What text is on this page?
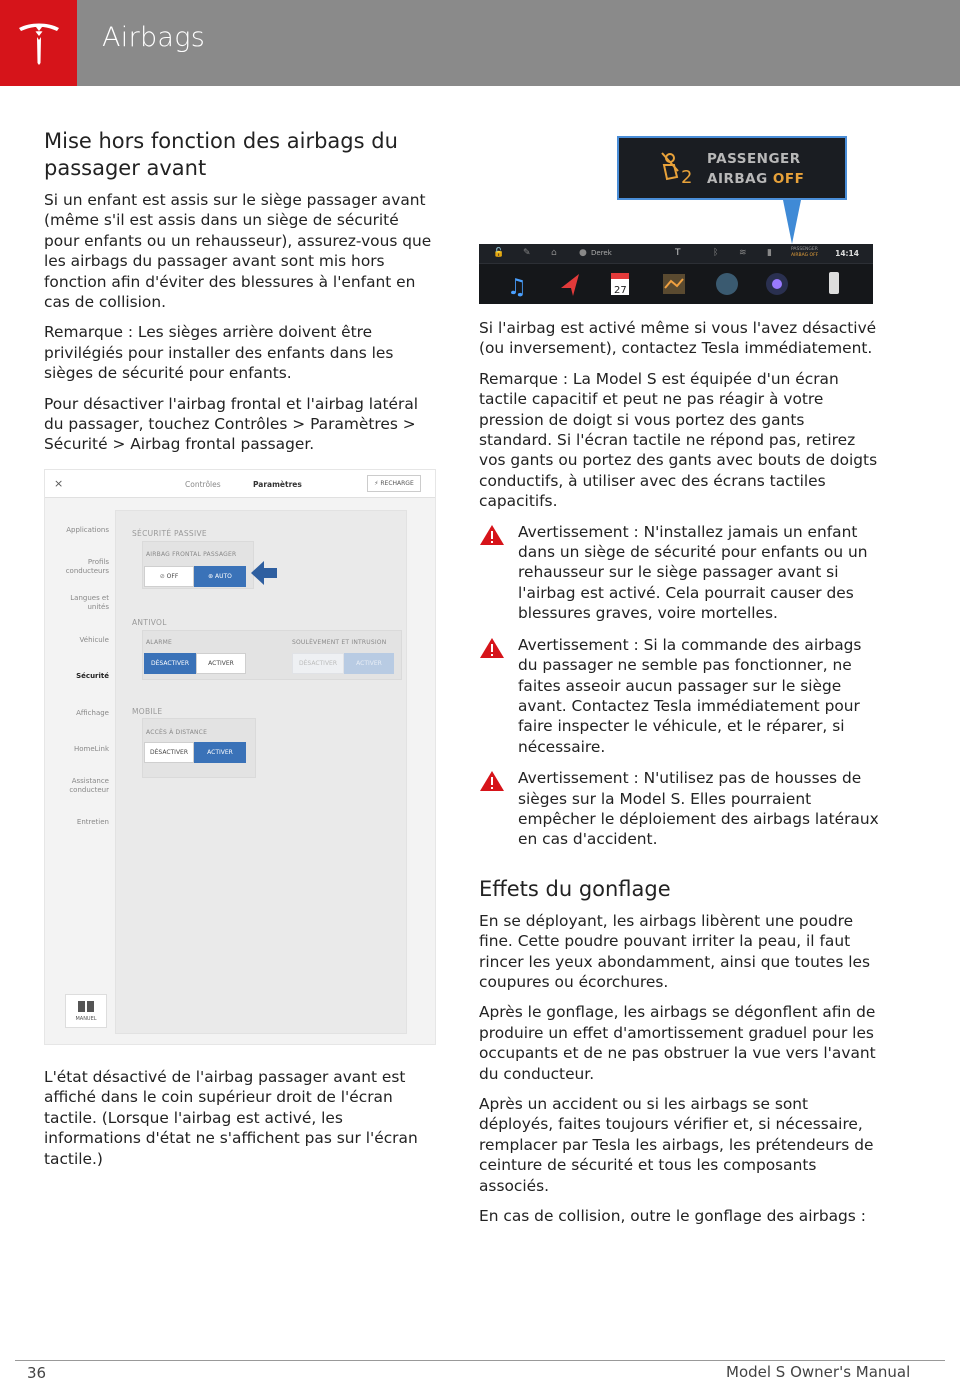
Airbags
Mise hors fonction des airbags du passager avant

Si un enfant est assis sur le siège passager avant (même s'il est assis dans un siège de sécurité pour enfants ou un rehausseur), assurez-vous que les airbags du passager avant sont mis hors fonction afin d'éviter des blessures à l'enfant en cas de collision.

Remarque : Les sièges arrière doivent être privilégiés pour installer des enfants dans les sièges de sécurité pour enfants.

Pour désactiver l'airbag frontal et l'airbag latéral du passager, touchez Contrôles > Paramètres > Sécurité > Airbag frontal passager.

×	Contrôles	Paramètres	⚡ RECHARGE
Applications
Profils conducteurs
Langues et unités
Véhicule
Sécurité
Affichage
HomeLink
Assistance conducteur
Entretien
MANUEL
SÉCURITÉ PASSIVE
AIRBAG FRONTAL PASSAGER
⊘ OFF	⊛ AUTO
ANTIVOL
ALARME	SOULÈVEMENT ET INTRUSION
DÉSACTIVER	ACTIVER	DÉSACTIVER	ACTIVER
MOBILE
ACCÈS À DISTANCE
DÉSACTIVER	ACTIVER

L'état désactivé de l'airbag passager avant est affiché dans le coin supérieur droit de l'écran tactile. (Lorsque l'airbag est activé, les informations d'état ne s'affichent pas sur l'écran tactile.)

2
PASSENGER
AIRBAG OFF
🔓 ✎ ⌂ ● Derek	T	ᛒ ≋ ▮	PASSENGER
AIRBAG OFF 14:14
♫	27

Si l'airbag est activé même si vous l'avez désactivé (ou inversement), contactez Tesla immédiatement.

Remarque : La Model S est équipée d'un écran tactile capacitif et peut ne pas réagir à votre pression de doigt si vous portez des gants standard. Si l'écran tactile ne répond pas, retirez vos gants ou portez des gants avec bouts de doigts conductifs, à utiliser avec des écrans tactiles capacitifs.

Avertissement : N'installez jamais un enfant dans un siège de sécurité pour enfants ou un rehausseur sur le siège passager avant si l'airbag est activé. Cela pourrait causer des blessures graves, voire mortelles.
Avertissement : Si la commande des airbags du passager ne semble pas fonctionner, ne faites asseoir aucun passager sur le siège avant. Contactez Tesla immédiatement pour faire inspecter le véhicule, et le réparer, si nécessaire.
Avertissement : N'utilisez pas de housses de sièges sur la Model S. Elles pourraient empêcher le déploiement des airbags latéraux en cas d'accident.
Effets du gonflage

En se déployant, les airbags libèrent une poudre fine. Cette poudre pouvant irriter la peau, il faut rincer les yeux abondamment, ainsi que toutes les coupures ou écorchures.

Après le gonflage, les airbags se dégonflent afin de produire un effet d'amortissement graduel pour les occupants et de ne pas obstruer la vue vers l'avant du conducteur.

Après un accident ou si les airbags se sont déployés, faites toujours vérifier et, si nécessaire, remplacer par Tesla les airbags, les prétendeurs de ceinture de sécurité et tous les composants associés.

En cas de collision, outre le gonflage des airbags :

36	Model S Owner's Manual
